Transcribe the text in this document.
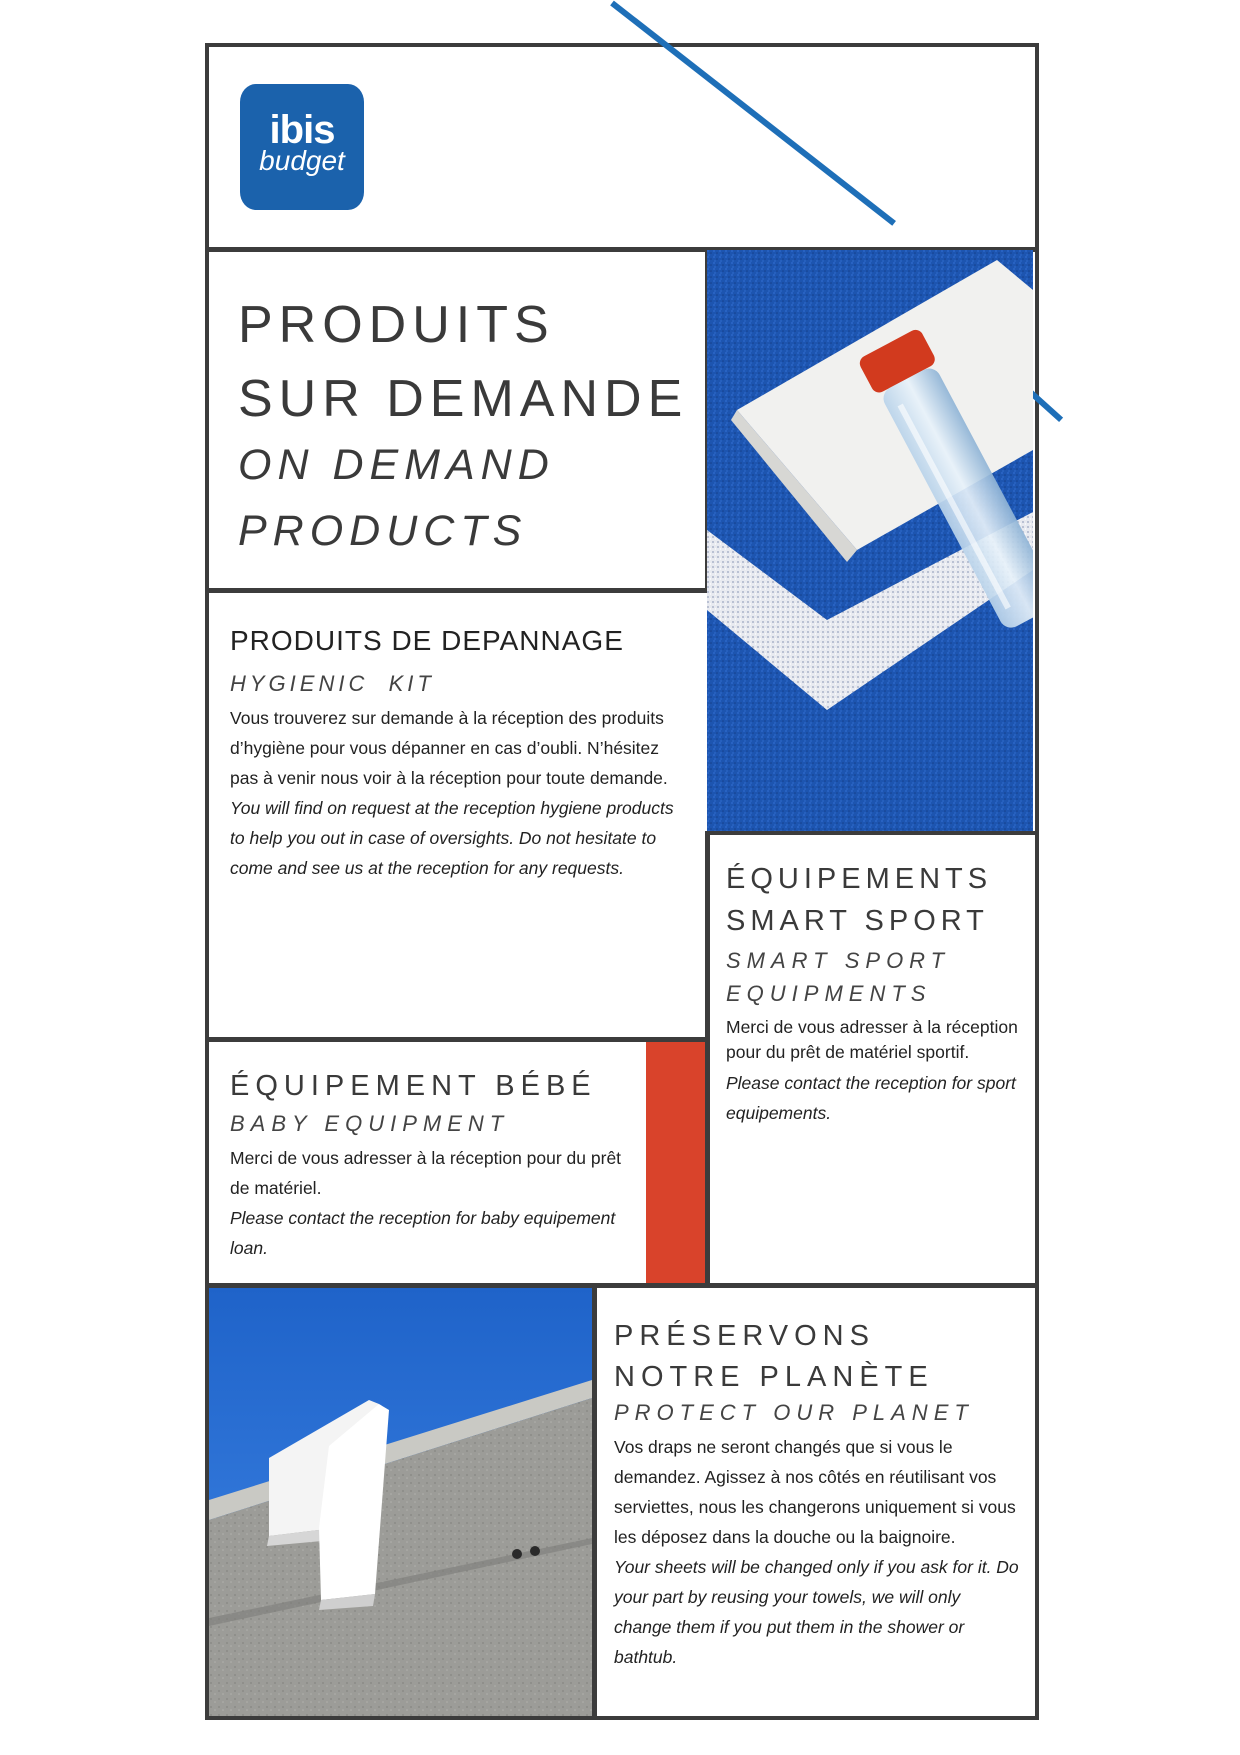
ibis
budget
PRODUITS SUR DEMANDE
ON DEMAND PRODUCTS
PRODUITS DE DEPANNAGE
HYGIENIC  KIT
Vous trouverez sur demande à la réception des produits d’hygiène pour vous dépanner en cas d’oubli. N’hésitez pas à venir nous voir à la réception pour toute demande.
You will find on request at the reception hygiene products to help you out in case of oversights. Do not hesitate to come and see us at the reception for any requests.	ÉQUIPEMENTS SMART SPORT
SMART SPORT EQUIPMENTS
Merci de vous adresser à la réception pour du prêt de matériel sportif.
Please contact the reception for sport equipements.
ÉQUIPEMENT BÉBÉ
BABY EQUIPMENT
Merci de vous adresser à la réception pour du prêt de matériel.
Please contact the reception for baby equipement loan.
PRÉSERVONS NOTRE PLANÈTE
PROTECT OUR PLANET
Vos draps ne seront changés que si vous le demandez. Agissez à nos côtés en réutilisant vos serviettes, nous les changerons uniquement si vous les déposez dans la douche ou la baignoire.
Your sheets will be changed only if you ask for it. Do your part by reusing your towels, we will only change them if you put them in the shower or bathtub.
